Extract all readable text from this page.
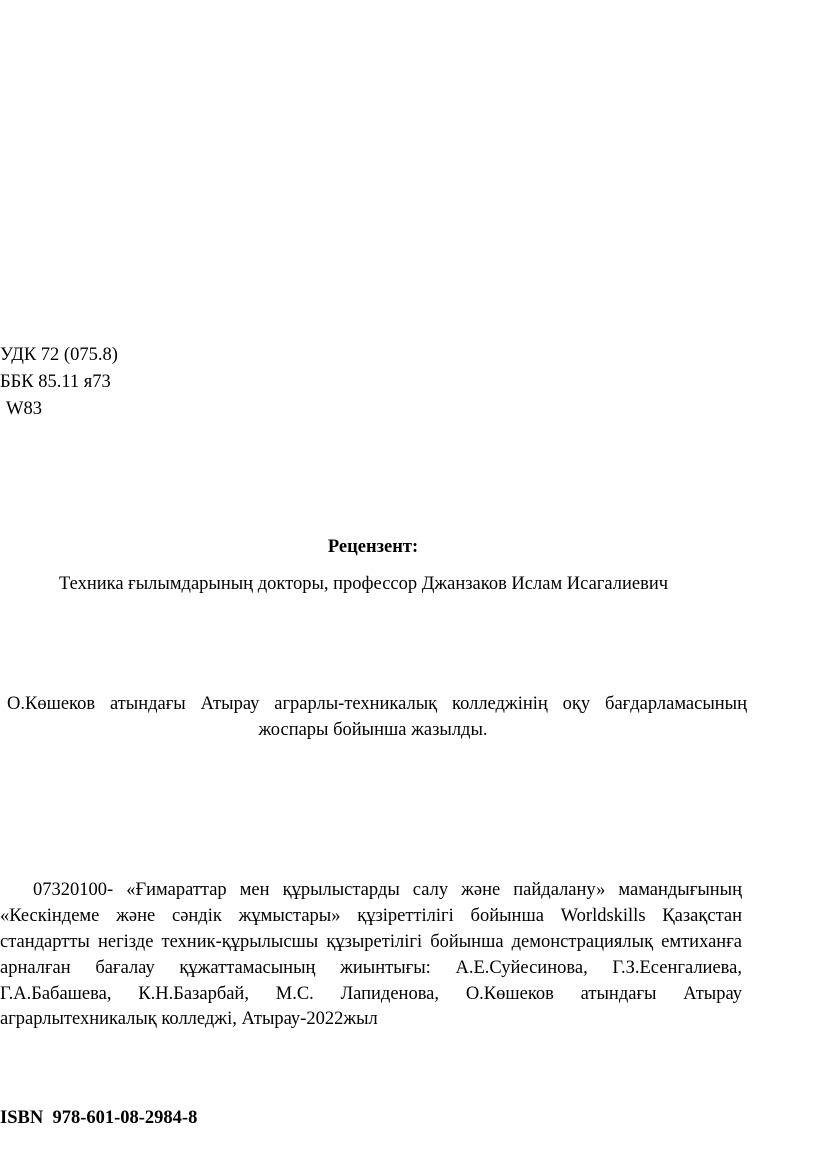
УДК 72 (075.8)
ББК 85.11 я73
W83
Рецензент:
Техника ғылымдарының докторы, профессор Джанзаков Ислам Исагалиевич
О.Көшеков атындағы Атырау аграрлы-техникалық колледжінің оқу бағдарламасының
жоспары бойынша жазылды.
07320100- «Ғимараттар мен құрылыстарды салу және пайдалану» мамандығының
«Кескіндеме және сәндік жұмыстары» құзіреттілігі бойынша Worldskills Қазақстан
стандартты негізде техник-құрылысшы құзыретілігі бойынша демонстрациялық емтиханға
арналған бағалау құжаттамасының жиынтығы: А.Е.Суйесинова, Г.З.Есенгалиева,
Г.А.Бабашева, К.Н.Базарбай, М.С. Лапиденова, О.Көшеков атындағы Атырау
аграрлытехникалық колледжі, Атырау-2022жыл
ISBN  978-601-08-2984-8
